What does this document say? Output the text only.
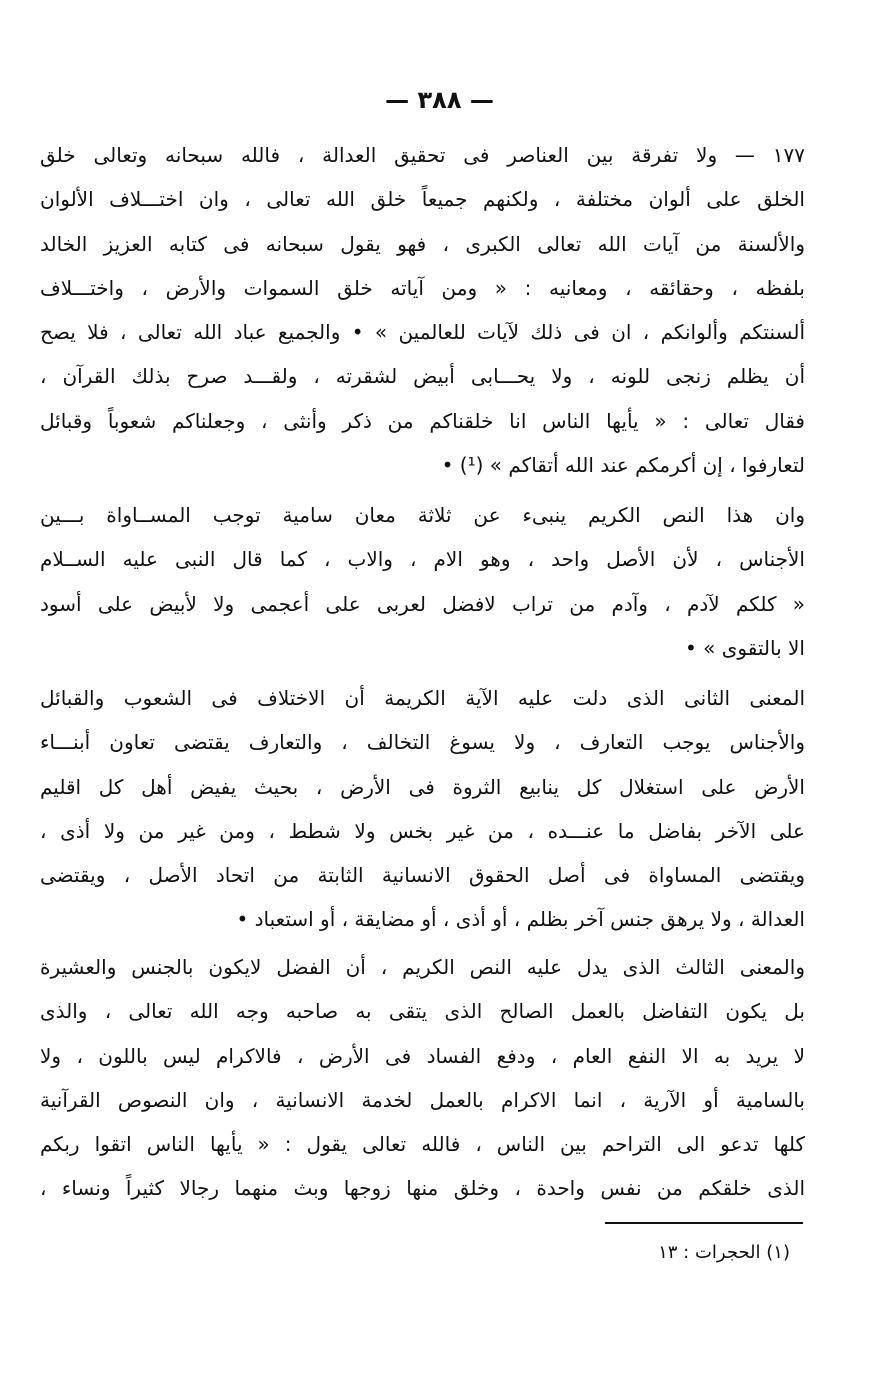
— ٣٨٨ —
١٧٧ — ولا تفرقة بين العناصر فى تحقيق العدالة ، فالله سبحانه وتعالى خلق
الخلق على ألوان مختلفة ، ولكنهم جميعاً خلق الله تعالى ، وان اختـــلاف الألوان
والألسنة من آيات الله تعالى الكبرى ، فهو يقول سبحانه فى كتابه العزيز الخالد
بلفظه ، وحقائقه ، ومعانيه : « ومن آياته خلق السموات والأرض ، واختـــلاف
ألسنتكم وألوانكم ، ان فى ذلك لآيات للعالمين » • والجميع عباد الله تعالى ، فلا يصح
أن يظلم زنجى للونه ، ولا يحـــابى أبيض لشقرته ، ولقـــد صرح بذلك القرآن ،
فقال تعالى : « يأيها الناس انا خلقناكم من ذكر وأنثى ، وجعلناكم شعوباً وقبائل
لتعارفوا ، إن أكرمكم عند الله أتقاكم » (¹) •
وان هذا النص الكريم ينبىء عن ثلاثة معان سامية توجب المســاواة بـــين
الأجناس ، لأن الأصل واحد ، وهو الام ، والاب ، كما قال النبى عليه الســلام
« كلكم لآدم ، وآدم من تراب لافضل لعربى على أعجمى ولا لأبيض على أسود
الا بالتقوى » •
المعنى الثانى الذى دلت عليه الآية الكريمة أن الاختلاف فى الشعوب والقبائل
والأجناس يوجب التعارف ، ولا يسوغ التخالف ، والتعارف يقتضى تعاون أبنـــاء
الأرض على استغلال كل ينابيع الثروة فى الأرض ، بحيث يفيض أهل كل اقليم
على الآخر بفاضل ما عنـــده ، من غير بخس ولا شطط ، ومن غير من ولا أذى ،
ويقتضى المساواة فى أصل الحقوق الانسانية الثابتة من اتحاد الأصل ، ويقتضى
العدالة ، ولا يرهق جنس آخر بظلم ، أو أذى ، أو مضايقة ، أو استعباد •
والمعنى الثالث الذى يدل عليه النص الكريم ، أن الفضل لايكون بالجنس والعشيرة
بل يكون التفاضل بالعمل الصالح الذى يتقى به صاحبه وجه الله تعالى ، والذى
لا يريد به الا النفع العام ، ودفع الفساد فى الأرض ، فالاكرام ليس باللون ، ولا
بالسامية أو الآرية ، انما الاكرام بالعمل لخدمة الانسانية ، وان النصوص القرآنية
كلها تدعو الى التراحم بين الناس ، فالله تعالى يقول : « يأيها الناس اتقوا ربكم
الذى خلقكم من نفس واحدة ، وخلق منها زوجها وبث منهما رجالا كثيراً ونساء ،
(١) الحجرات : ١٣
